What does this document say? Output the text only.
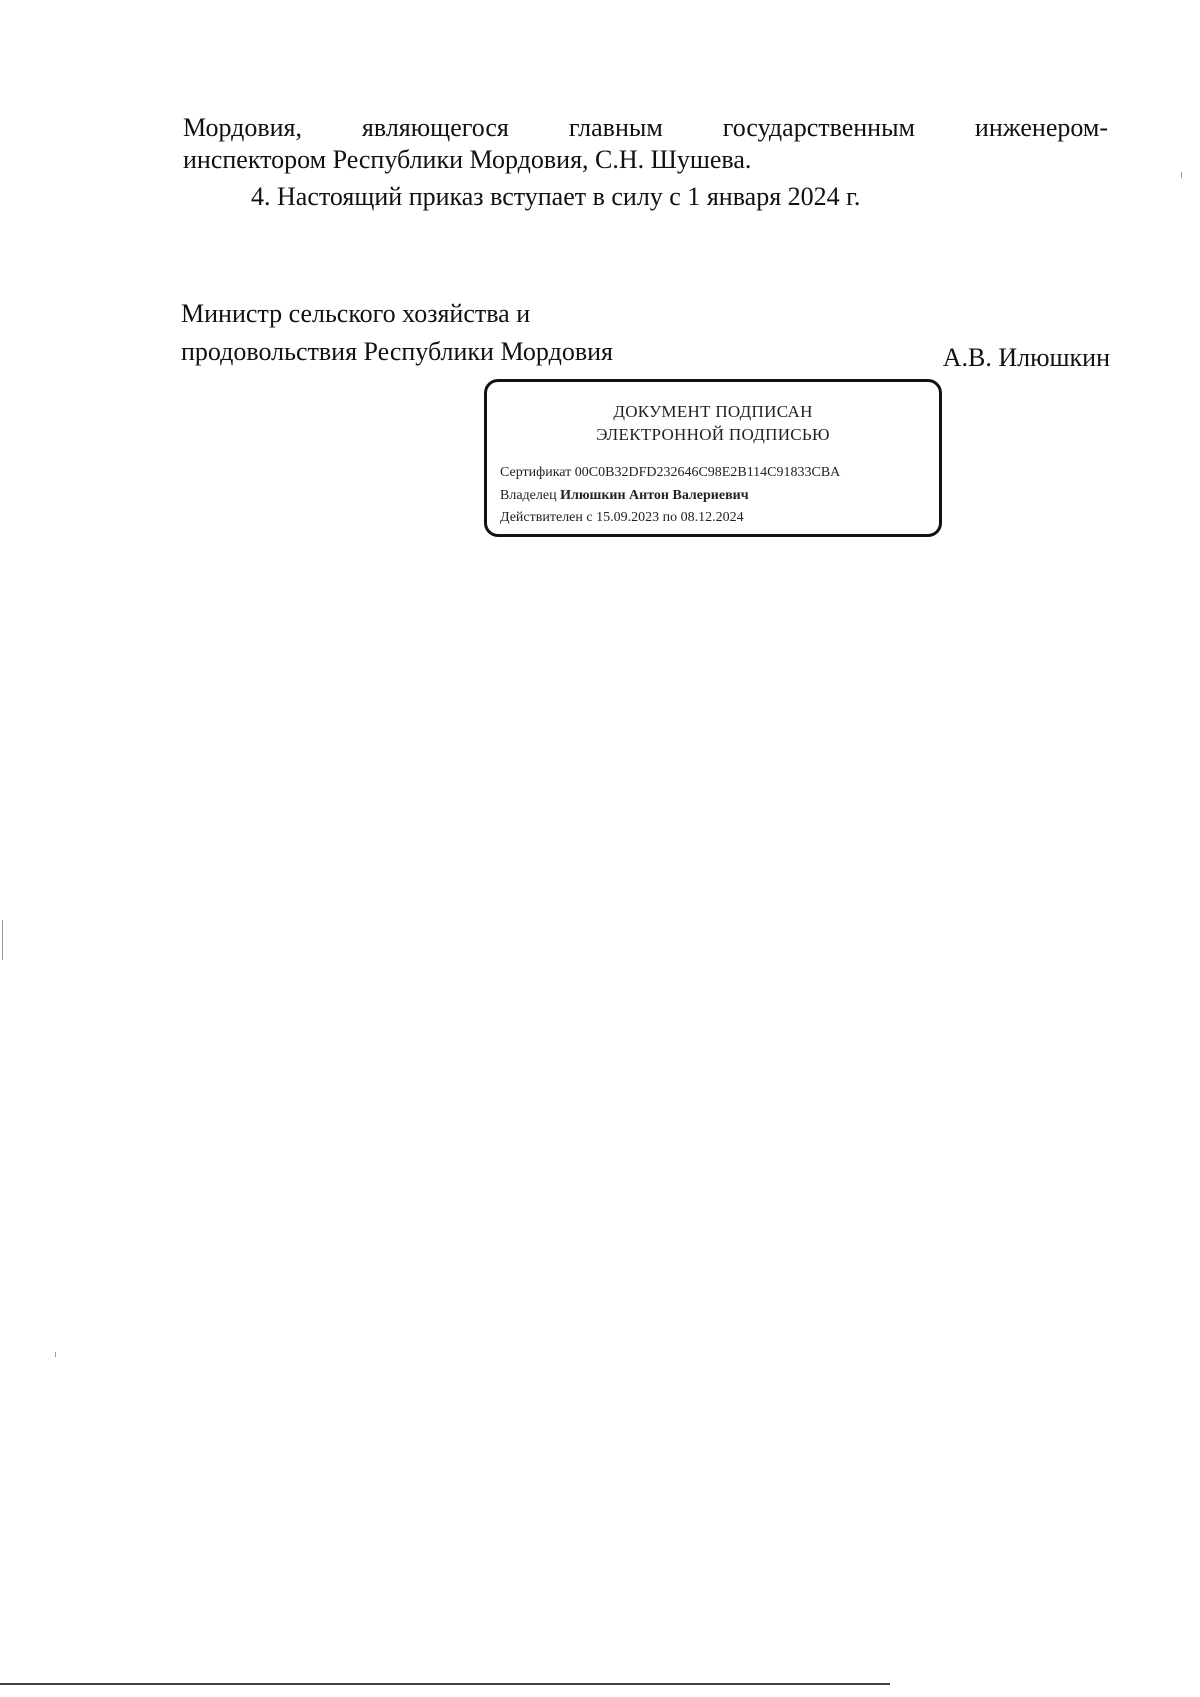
Мордовия, являющегося главным государственным инженером-
инспектором Республики Мордовия, С.Н. Шушева.
4. Настоящий приказ вступает в силу с 1 января 2024 г.
Министр сельского хозяйства и
продовольствия Республики Мордовия	А.В. Илюшкин
ДОКУМЕНТ ПОДПИСАН
ЭЛЕКТРОННОЙ ПОДПИСЬЮ
Сертификат 00C0B32DFD232646C98E2B114C91833CBA
Владелец Илюшкин Антон Валериевич
Действителен с 15.09.2023 по 08.12.2024
